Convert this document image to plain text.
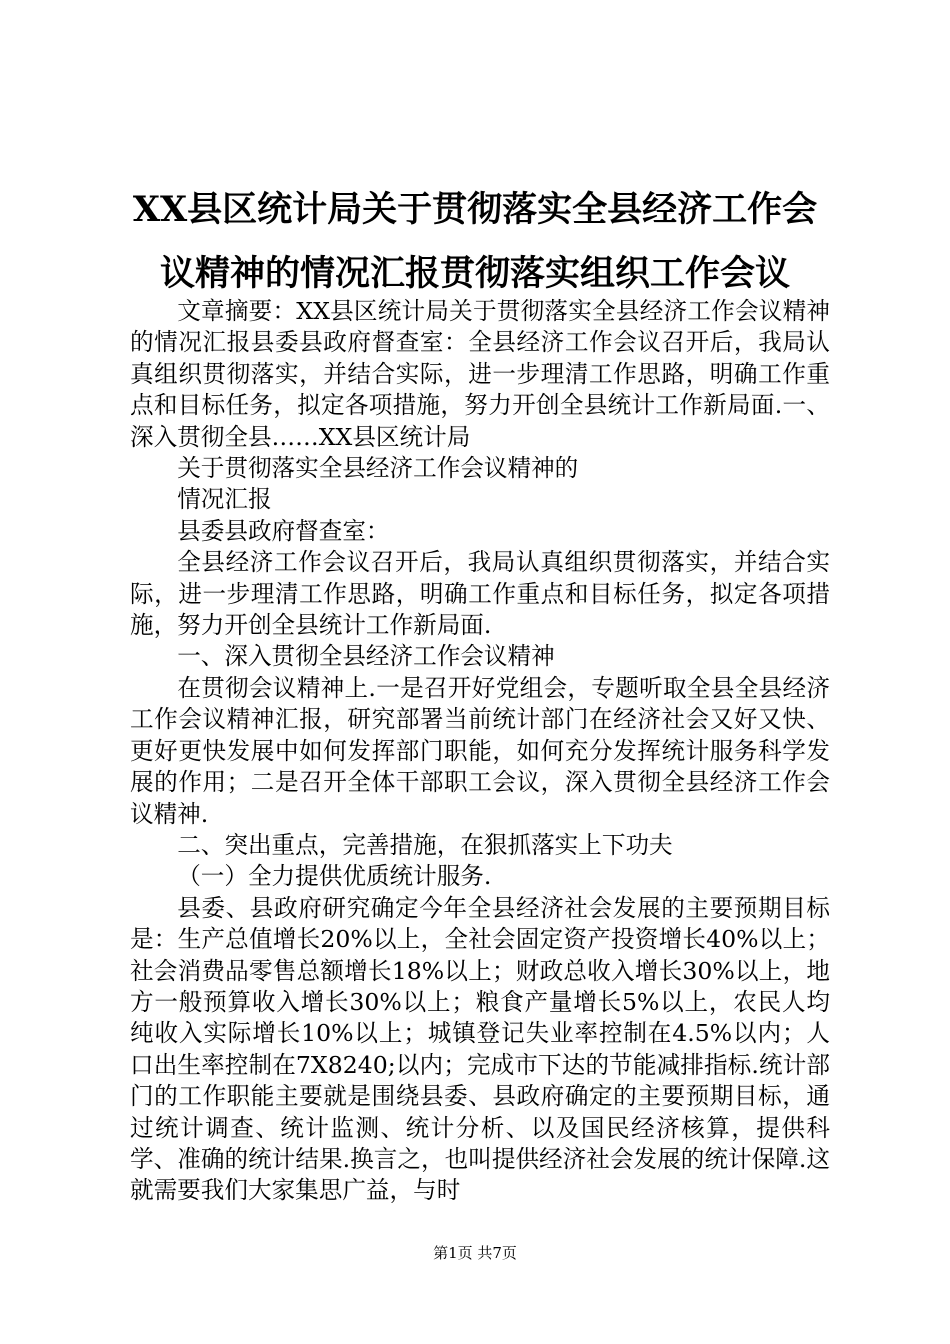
XX县区统计局关于贯彻落实全县经济工作会
议精神的情况汇报贯彻落实组织工作会议

文章摘要：XX县区统计局关于贯彻落实全县经济工作会议精神的情况汇报县委县政府督查室：全县经济工作会议召开后，我局认真组织贯彻落实，并结合实际，进一步理清工作思路，明确工作重点和目标任务，拟定各项措施，努力开创全县统计工作新局面.一、深入贯彻全县……XX县区统计局

关于贯彻落实全县经济工作会议精神的

情况汇报

县委县政府督查室：

全县经济工作会议召开后，我局认真组织贯彻落实，并结合实际，进一步理清工作思路，明确工作重点和目标任务，拟定各项措施，努力开创全县统计工作新局面.

一、深入贯彻全县经济工作会议精神

在贯彻会议精神上.一是召开好党组会，专题听取全县全县经济工作会议精神汇报，研究部署当前统计部门在经济社会又好又快、更好更快发展中如何发挥部门职能，如何充分发挥统计服务科学发展的作用；二是召开全体干部职工会议，深入贯彻全县经济工作会议精神.

二、突出重点，完善措施，在狠抓落实上下功夫

（一）全力提供优质统计服务.

县委、县政府研究确定今年全县经济社会发展的主要预期目标是：生产总值增长20%以上，全社会固定资产投资增长40%以上；社会消费品零售总额增长18%以上；财政总收入增长30%以上，地方一般预算收入增长30%以上；粮食产量增长5%以上，农民人均纯收入实际增长10%以上；城镇登记失业率控制在4.5%以内；人口出生率控制在7X8240;以内；完成市下达的节能减排指标.统计部门的工作职能主要就是围绕县委、县政府确定的主要预期目标，通过统计调查、统计监测、统计分析、以及国民经济核算，提供科学、准确的统计结果.换言之，也叫提供经济社会发展的统计保障.这就需要我们大家集思广益，与时

第1页 共7页
